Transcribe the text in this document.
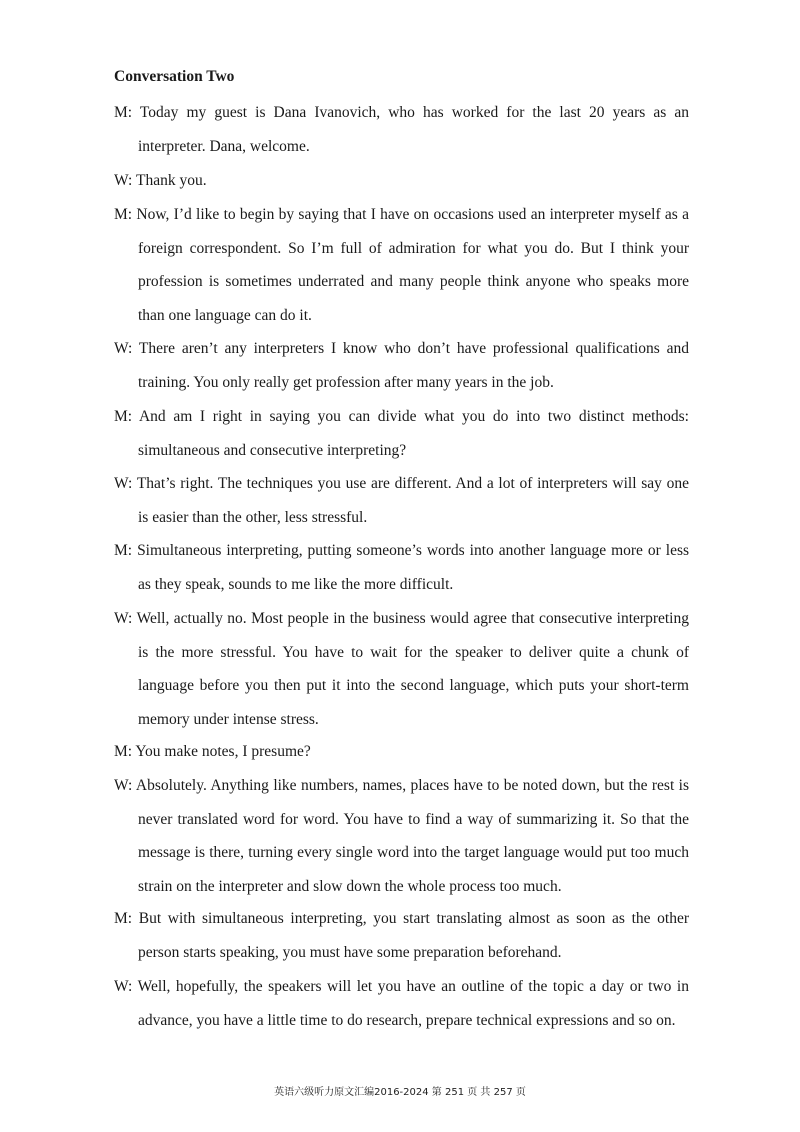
Conversation Two
M: Today my guest is Dana Ivanovich, who has worked for the last 20 years as an
interpreter. Dana, welcome.
W: Thank you.
M: Now, I’d like to begin by saying that I have on occasions used an interpreter myself as a
foreign correspondent. So I’m full of admiration for what you do. But I think your
profession is sometimes underrated and many people think anyone who speaks more
than one language can do it.
W: There aren’t any interpreters I know who don’t have professional qualifications and
training. You only really get profession after many years in the job.
M: And am I right in saying you can divide what you do into two distinct methods:
simultaneous and consecutive interpreting?
W: That’s right. The techniques you use are different. And a lot of interpreters will say one
is easier than the other, less stressful.
M: Simultaneous interpreting, putting someone’s words into another language more or less
as they speak, sounds to me like the more difficult.
W: Well, actually no. Most people in the business would agree that consecutive interpreting
is the more stressful. You have to wait for the speaker to deliver quite a chunk of
language before you then put it into the second language, which puts your short-term
memory under intense stress.
M: You make notes, I presume?
W: Absolutely. Anything like numbers, names, places have to be noted down, but the rest is
never translated word for word. You have to find a way of summarizing it. So that the
message is there, turning every single word into the target language would put too much
strain on the interpreter and slow down the whole process too much.
M: But with simultaneous interpreting, you start translating almost as soon as the other
person starts speaking, you must have some preparation beforehand.
W: Well, hopefully, the speakers will let you have an outline of the topic a day or two in
advance, you have a little time to do research, prepare technical expressions and so on.
英语六级听力原文汇编2016-2024 第 251 页 共 257 页
